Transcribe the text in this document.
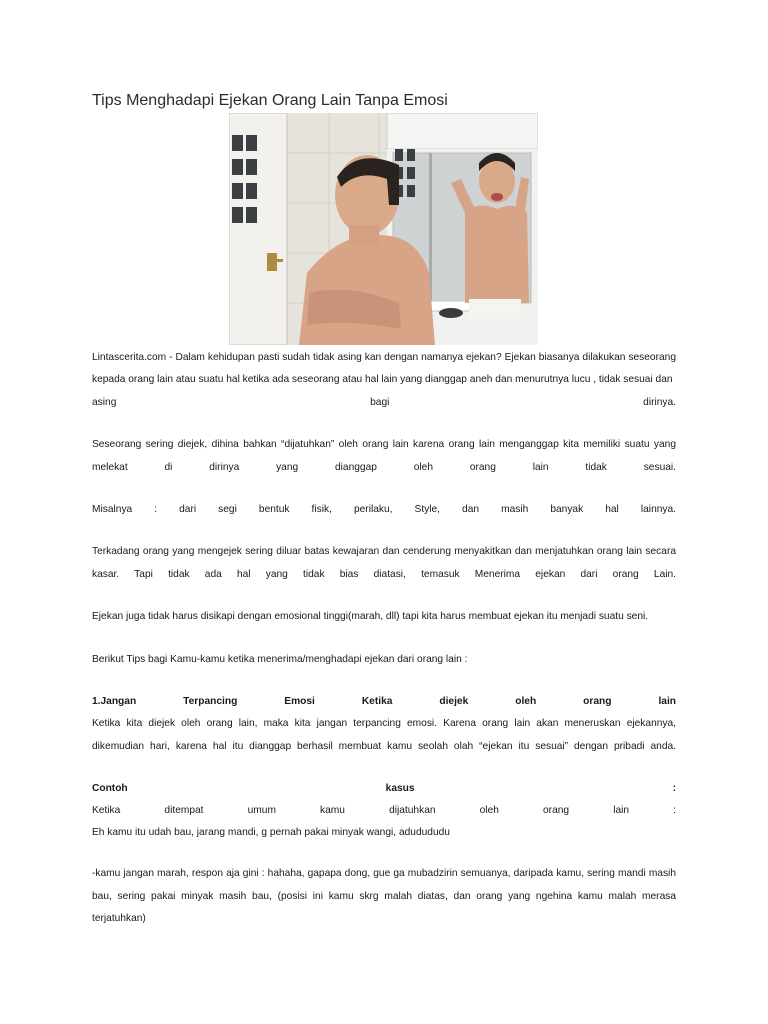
Tips Menghadapi Ejekan Orang Lain Tanpa Emosi
Lintascerita.com - Dalam kehidupan pasti sudah tidak asing kan dengan namanya ejekan? Ejekan biasanya dilakukan seseorang kepada orang lain atau suatu hal ketika ada seseorang atau hal lain yang dianggap aneh dan menurutnya lucu , tidak sesuai dan
asing bagi dirinya.
Seseorang sering diejek, dihina bahkan “dijatuhkan” oleh orang lain karena orang lain menganggap kita memiliki suatu yang melekat di dirinya yang dianggap oleh orang lain tidak sesuai.
Misalnya : dari segi bentuk fisik, perilaku, Style, dan masih banyak hal lainnya.
Terkadang orang yang mengejek sering diluar batas kewajaran dan cenderung menyakitkan dan menjatuhkan orang lain secara kasar. Tapi tidak ada hal yang tidak bias diatasi, temasuk Menerima ejekan dari orang Lain.
Ejekan juga tidak harus disikapi dengan emosional tinggi(marah, dll) tapi kita harus membuat ejekan itu menjadi suatu seni.
Berikut Tips bagi Kamu-kamu ketika menerima/menghadapi ejekan dari orang lain :
1.Jangan Terpancing Emosi Ketika diejek oleh orang lain
Ketika kita diejek oleh orang lain, maka kita jangan terpancing emosi. Karena orang lain akan meneruskan ejekannya, dikemudian hari, karena hal itu dianggap berhasil membuat kamu seolah olah “ejekan itu sesuai” dengan pribadi anda.
Contoh kasus :
Ketika ditempat umum kamu dijatuhkan oleh orang lain :
Eh kamu itu udah bau, jarang mandi, g pernah pakai minyak wangi, adudududu
-kamu jangan marah, respon aja gini : hahaha, gapapa dong, gue ga mubadzirin semuanya, daripada kamu, sering mandi masih bau, sering pakai minyak masih bau, (posisi ini kamu skrg malah diatas, dan orang yang ngehina kamu malah merasa terjatuhkan)
